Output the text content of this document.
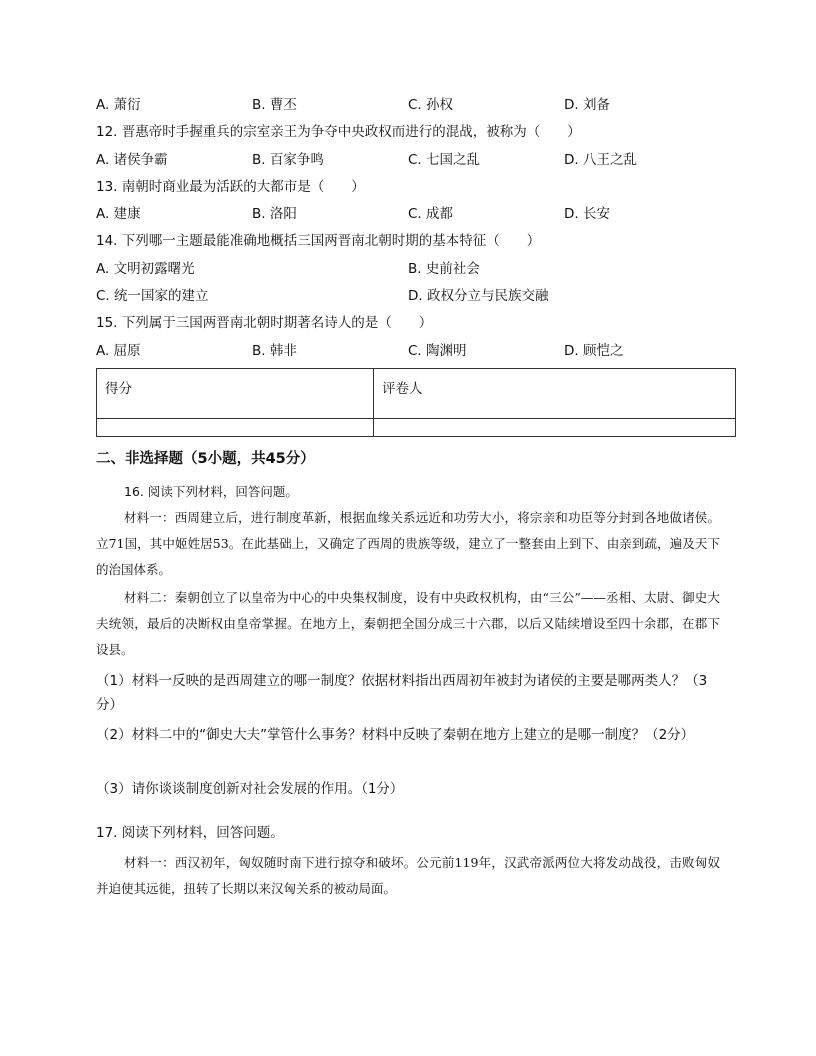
A. 萧衍	B. 曹丕	C. 孙权	D. 刘备
12. 晋惠帝时手握重兵的宗室亲王为争夺中央政权而进行的混战，被称为（　　）
A. 诸侯争霸	B. 百家争鸣	C. 七国之乱	D. 八王之乱
13. 南朝时商业最为活跃的大都市是（　　）
A. 建康	B. 洛阳	C. 成都	D. 长安
14. 下列哪一主题最能准确地概括三国两晋南北朝时期的基本特征（　　）
A. 文明初露曙光	B. 史前社会
C. 统一国家的建立	D. 政权分立与民族交融
15. 下列属于三国两晋南北朝时期著名诗人的是（　　）
A. 屈原	B. 韩非	C. 陶渊明	D. 顾恺之
得分	评卷人

二、非选择题（5小题，共45分）
16. 阅读下列材料，回答问题。
材料一：西周建立后，进行制度革新，根据血缘关系远近和功劳大小，将宗亲和功臣等分封到各地做诸侯。立71国，其中姬姓居53。在此基础上，又确定了西周的贵族等级，建立了一整套由上到下、由亲到疏，遍及天下的治国体系。
材料二：秦朝创立了以皇帝为中心的中央集权制度，设有中央政权机构，由“三公”——丞相、太尉、御史大夫统领，最后的决断权由皇帝掌握。在地方上，秦朝把全国分成三十六郡，以后又陆续增设至四十余郡，在郡下设县。
（1）材料一反映的是西周建立的哪一制度？依据材料指出西周初年被封为诸侯的主要是哪两类人？（3分）
（2）材料二中的“御史大夫”掌管什么事务？材料中反映了秦朝在地方上建立的是哪一制度？（2分）
（3）请你谈谈制度创新对社会发展的作用。（1分）
17. 阅读下列材料，回答问题。
材料一：西汉初年，匈奴随时南下进行掠夺和破坏。公元前119年，汉武帝派两位大将发动战役，击败匈奴并迫使其远徙，扭转了长期以来汉匈关系的被动局面。
